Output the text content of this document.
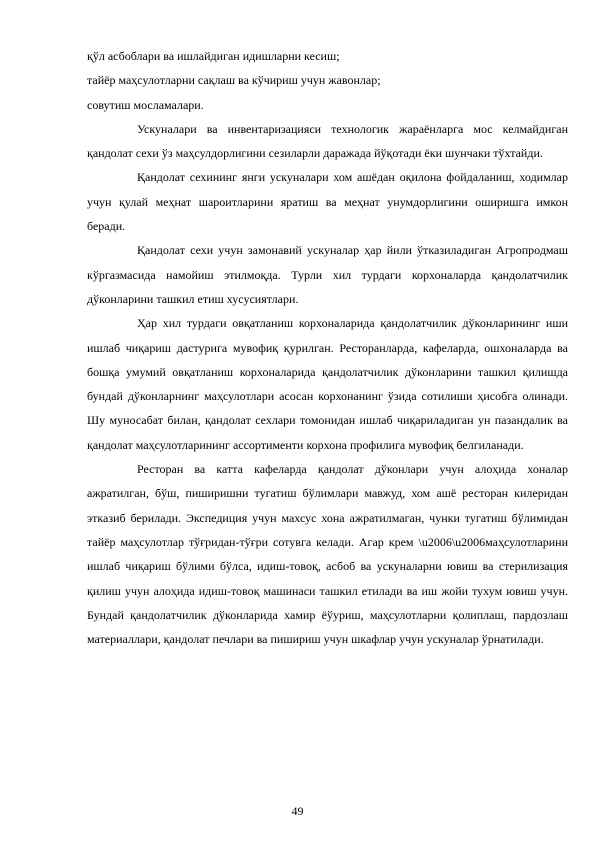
қўл асбоблари ва ишлайдиган идишларни кесиш;

тайёр маҳсулотларни сақлаш ва кўчириш учун жавонлар;

совутиш мосламалари.

Ускуналари ва инвентаризацияси технологик жараёнларга мос келмайдиган қандолат сехи ўз маҳсулдорлигини сезиларли даражада йўқотади ёки шунчаки тўхтайди.

Қандолат сехининг янги ускуналари хом ашёдан оқилона фойдаланиш, ходимлар учун қулай меҳнат шароитларини яратиш ва меҳнат унумдорлигини оширишга имкон беради.

Қандолат сехи учун замонавий ускуналар ҳар йили ўтказиладиган Агропродмаш кўргазмасида намойиш этилмоқда. Турли хил турдаги корхоналарда қандолатчилик дўконларини ташкил етиш хусусиятлари.

Ҳар хил турдаги овқатланиш корхоналарида қандолатчилик дўконларининг иши ишлаб чиқариш дастурига мувофиқ қурилган. Ресторанларда, кафеларда, ошхоналарда ва бошқа умумий овқатланиш корхоналарида қандолатчилик дўконларини ташкил қилишда бундай дўконларнинг маҳсулотлари асосан корхонанинг ўзида сотилиши ҳисобга олинади. Шу муносабат билан, қандолат сехлари томонидан ишлаб чиқариладиган ун пазандалик ва қандолат маҳсулотларининг ассортименти корхона профилига мувофиқ белгиланади.

Ресторан ва катта кафеларда қандолат дўконлари учун алоҳида хоналар ажратилган, бўш, пиширишни тугатиш бўлимлари мавжуд, хом ашё ресторан килеридан этказиб берилади. Экспедиция учун махсус хона ажратилмаган, чунки тугатиш бўлимидан тайёр маҳсулотлар тўғридан-тўғри сотувга келади. Агар крем \u2006\u2006маҳсулотларини ишлаб чиқариш бўлими бўлса, идиш-товоқ, асбоб ва ускуналарни ювиш ва стерилизация қилиш учун алоҳида идиш-товоқ машинаси ташкил етилади ва иш жойи тухум ювиш учун. Бундай қандолатчилик дўконларида хамир ёўуриш, маҳсулотларни қолиплаш, пардозлаш материаллари, қандолат печлари ва пишириш учун шкафлар учун ускуналар ўрнатилади.

49
